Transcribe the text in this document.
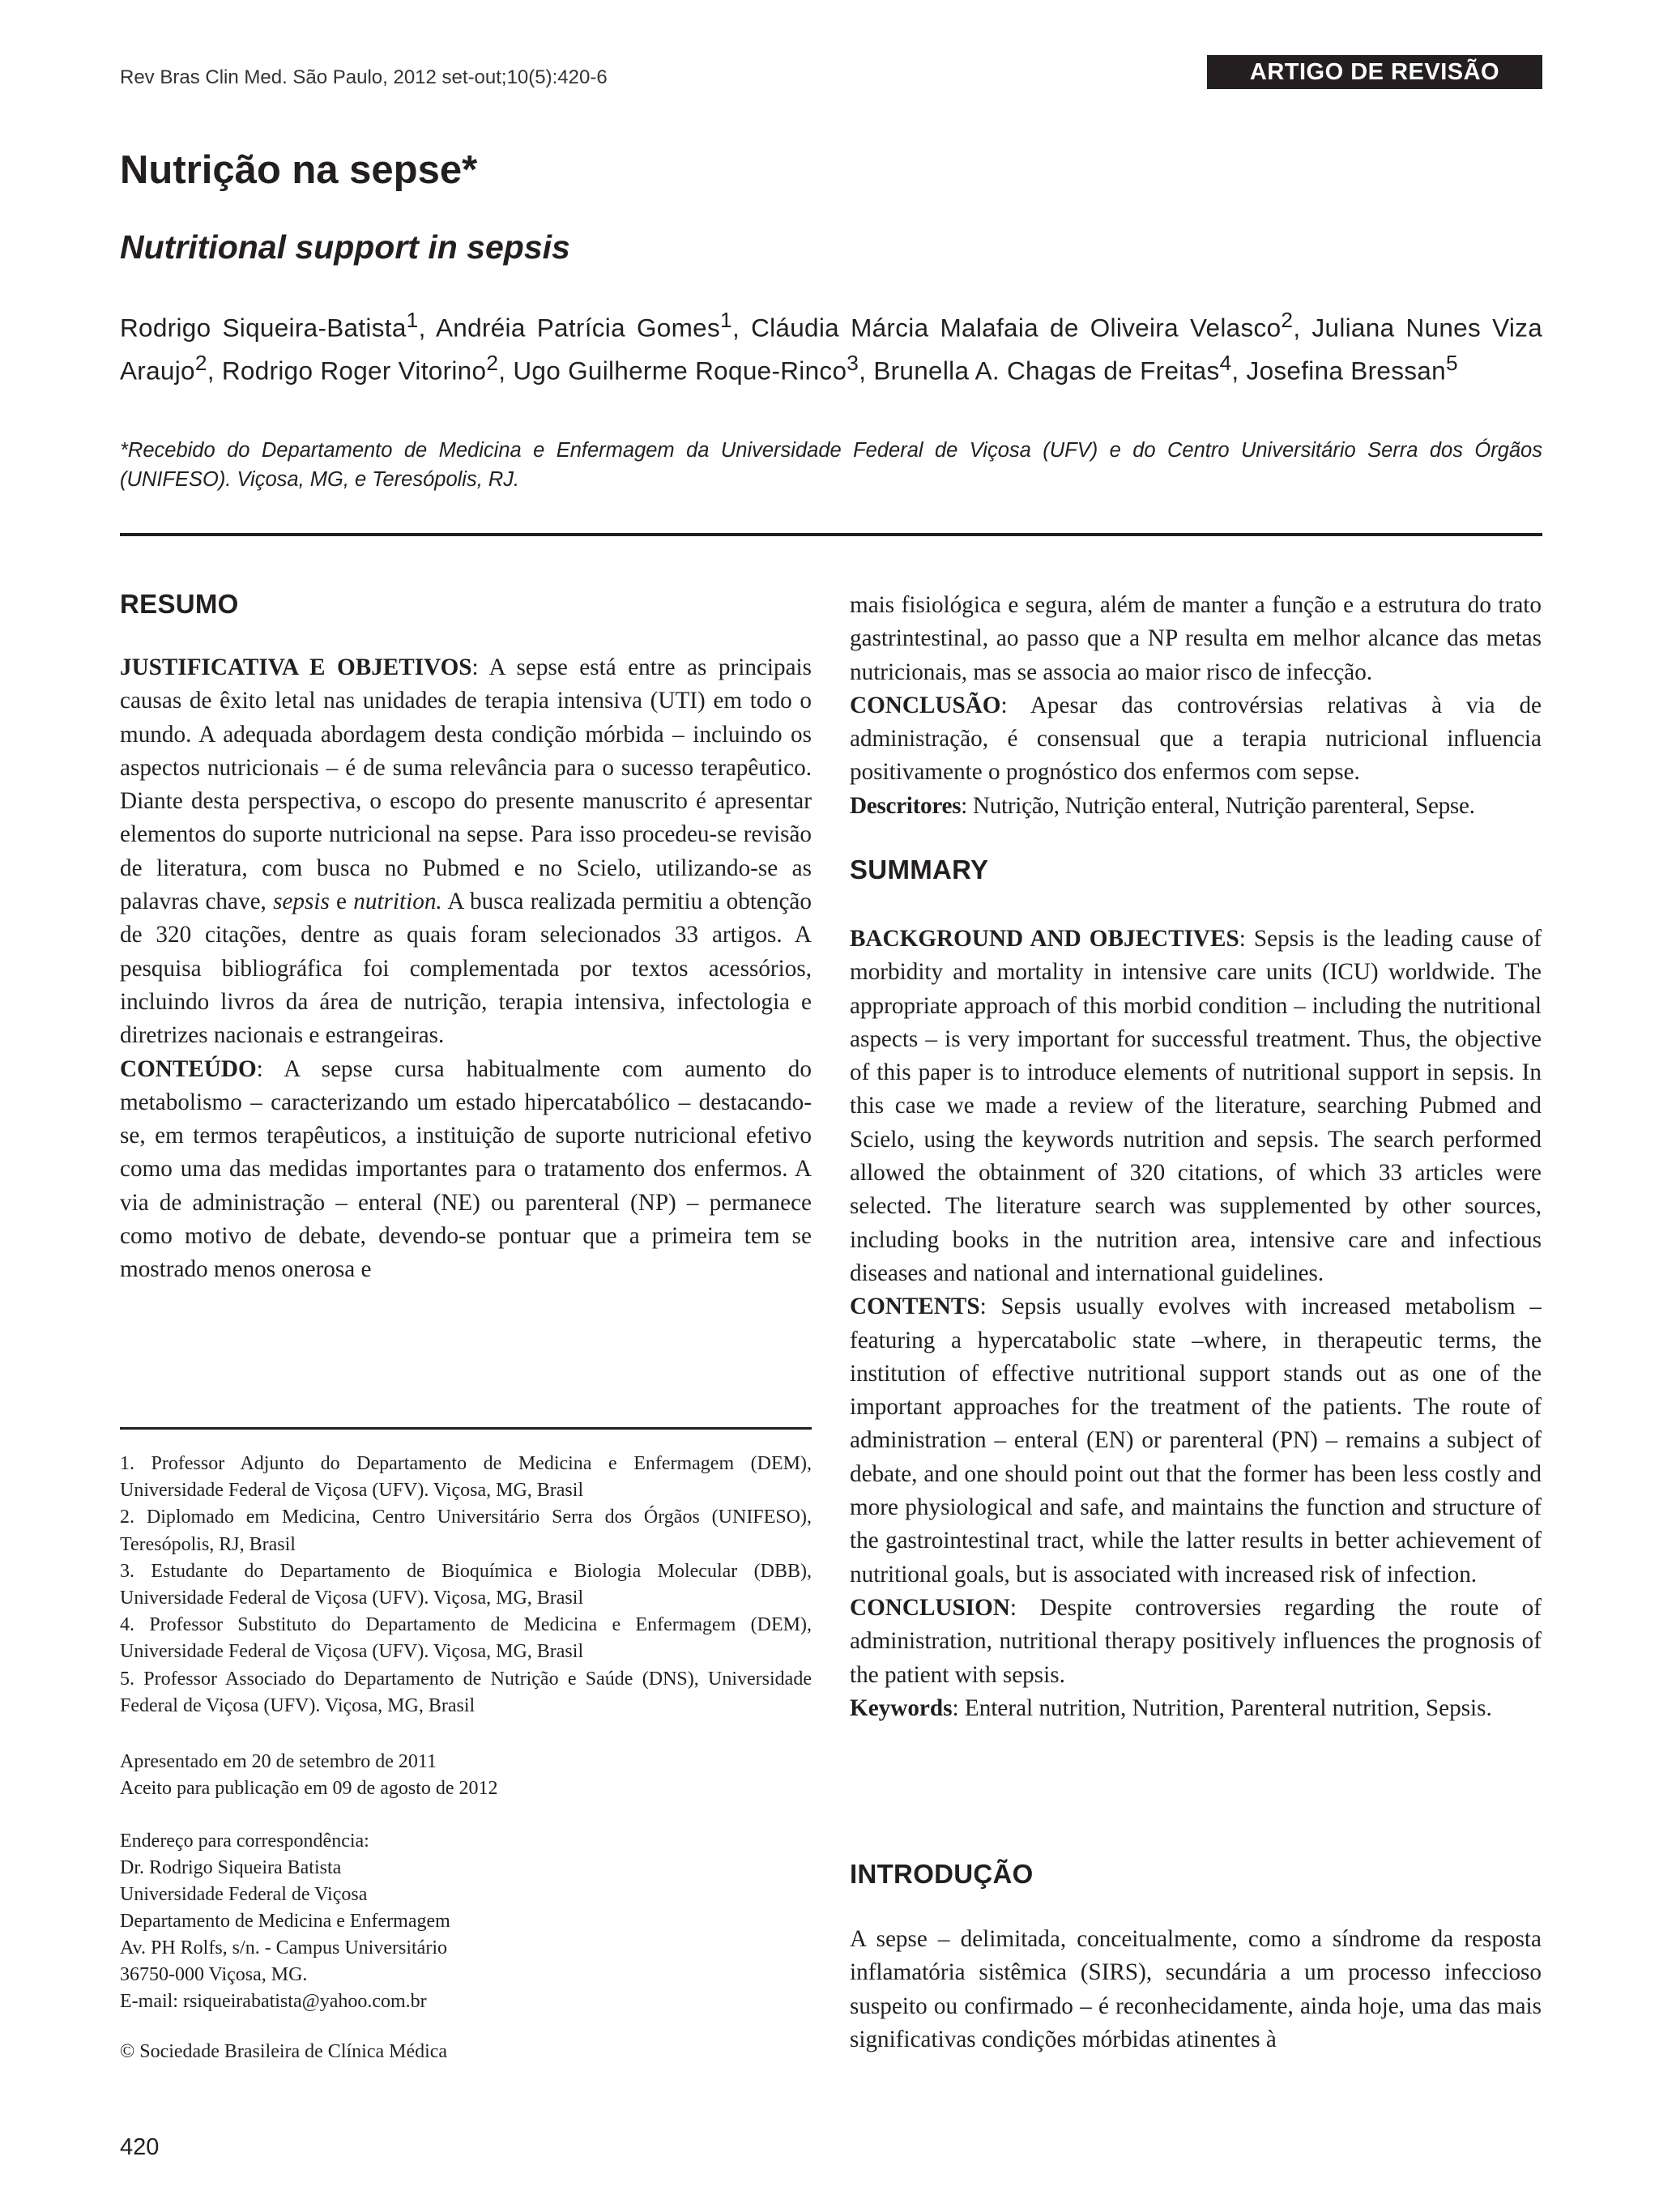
Rev Bras Clin Med. São Paulo, 2012 set-out;10(5):420-6	ARTIGO DE REVISÃO
Nutrição na sepse*
Nutritional support in sepsis
Rodrigo Siqueira-Batista$^1$, Andréia Patrícia Gomes$^1$, Cláudia Márcia Malafaia de Oliveira Velasco$^2$, Juliana Nunes Viza Araujo$^2$, Rodrigo Roger Vitorino$^2$, Ugo Guilherme Roque-Rinco$^3$, Brunella A. Chagas de Freitas$^4$, Josefina Bressan$^5$
*Recebido do Departamento de Medicina e Enfermagem da Universidade Federal de Viçosa (UFV) e do Centro Universitário Serra dos Órgãos (UNIFESO). Viçosa, MG, e Teresópolis, RJ.
RESUMO

JUSTIFICATIVA E OBJETIVOS: A sepse está entre as principais causas de êxito letal nas unidades de terapia intensiva (UTI) em todo o mundo. A adequada abordagem desta condição mórbida – incluindo os aspectos nutricionais – é de suma relevância para o sucesso terapêutico. Diante desta perspectiva, o escopo do presente manuscrito é apresentar elementos do suporte nutricional na sepse. Para isso procedeu-se revisão de literatura, com busca no Pubmed e no Scielo, utilizando-se as palavras chave, sepsis e nutrition. A busca realizada permitiu a obtenção de 320 citações, dentre as quais foram selecionados 33 artigos. A pesquisa bibliográfica foi complementada por textos acessórios, incluindo livros da área de nutrição, terapia intensiva, infectologia e diretrizes nacionais e estrangeiras.

CONTEÚDO: A sepse cursa habitualmente com aumento do metabolismo – caracterizando um estado hipercatabólico – destacando-se, em termos terapêuticos, a instituição de suporte nutricional efetivo como uma das medidas importantes para o tratamento dos enfermos. A via de administração – enteral (NE) ou parenteral (NP) – permanece como motivo de debate, devendo-se pontuar que a primeira tem se mostrado menos onerosa e

mais fisiológica e segura, além de manter a função e a estrutura do trato gastrintestinal, ao passo que a NP resulta em melhor alcance das metas nutricionais, mas se associa ao maior risco de infecção.

CONCLUSÃO: Apesar das controvérsias relativas à via de administração, é consensual que a terapia nutricional influencia positivamente o prognóstico dos enfermos com sepse.

Descritores: Nutrição, Nutrição enteral, Nutrição parenteral, Sepse.

SUMMARY

BACKGROUND AND OBJECTIVES: Sepsis is the leading cause of morbidity and mortality in intensive care units (ICU) worldwide. The appropriate approach of this morbid condition – including the nutritional aspects – is very important for successful treatment. Thus, the objective of this paper is to introduce elements of nutritional support in sepsis. In this case we made a review of the literature, searching Pubmed and Scielo, using the keywords nutrition and sepsis. The search performed allowed the obtainment of 320 citations, of which 33 articles were selected. The literature search was supplemented by other sources, including books in the nutrition area, intensive care and infectious diseases and national and international guidelines.

CONTENTS: Sepsis usually evolves with increased metabolism – featuring a hypercatabolic state –where, in therapeutic terms, the institution of effective nutritional support stands out as one of the important approaches for the treatment of the patients. The route of administration – enteral (EN) or parenteral (PN) – remains a subject of debate, and one should point out that the former has been less costly and more physiological and safe, and maintains the function and structure of the gastrointestinal tract, while the latter results in better achievement of nutritional goals, but is associated with increased risk of infection.

CONCLUSION: Despite controversies regarding the route of administration, nutritional therapy positively influences the prognosis of the patient with sepsis.

Keywords: Enteral nutrition, Nutrition, Parenteral nutrition, Sepsis.

INTRODUÇÃO

A sepse – delimitada, conceitualmente, como a síndrome da resposta inflamatória sistêmica (SIRS), secundária a um processo infeccioso suspeito ou confirmado – é reconhecidamente, ainda hoje, uma das mais significativas condições mórbidas atinentes à

1. Professor Adjunto do Departamento de Medicina e Enfermagem (DEM), Universidade Federal de Viçosa (UFV). Viçosa, MG, Brasil

2. Diplomado em Medicina, Centro Universitário Serra dos Órgãos (UNIFESO), Teresópolis, RJ, Brasil

3. Estudante do Departamento de Bioquímica e Biologia Molecular (DBB), Universidade Federal de Viçosa (UFV). Viçosa, MG, Brasil

4. Professor Substituto do Departamento de Medicina e Enfermagem (DEM), Universidade Federal de Viçosa (UFV). Viçosa, MG, Brasil

5. Professor Associado do Departamento de Nutrição e Saúde (DNS), Universidade Federal de Viçosa (UFV). Viçosa, MG, Brasil

Apresentado em 20 de setembro de 2011

Aceito para publicação em 09 de agosto de 2012

Endereço para correspondência:

Dr. Rodrigo Siqueira Batista

Universidade Federal de Viçosa

Departamento de Medicina e Enfermagem

Av. PH Rolfs, s/n. - Campus Universitário

36750-000 Viçosa, MG.

E-mail: rsiqueirabatista@yahoo.com.br

© Sociedade Brasileira de Clínica Médica
420
